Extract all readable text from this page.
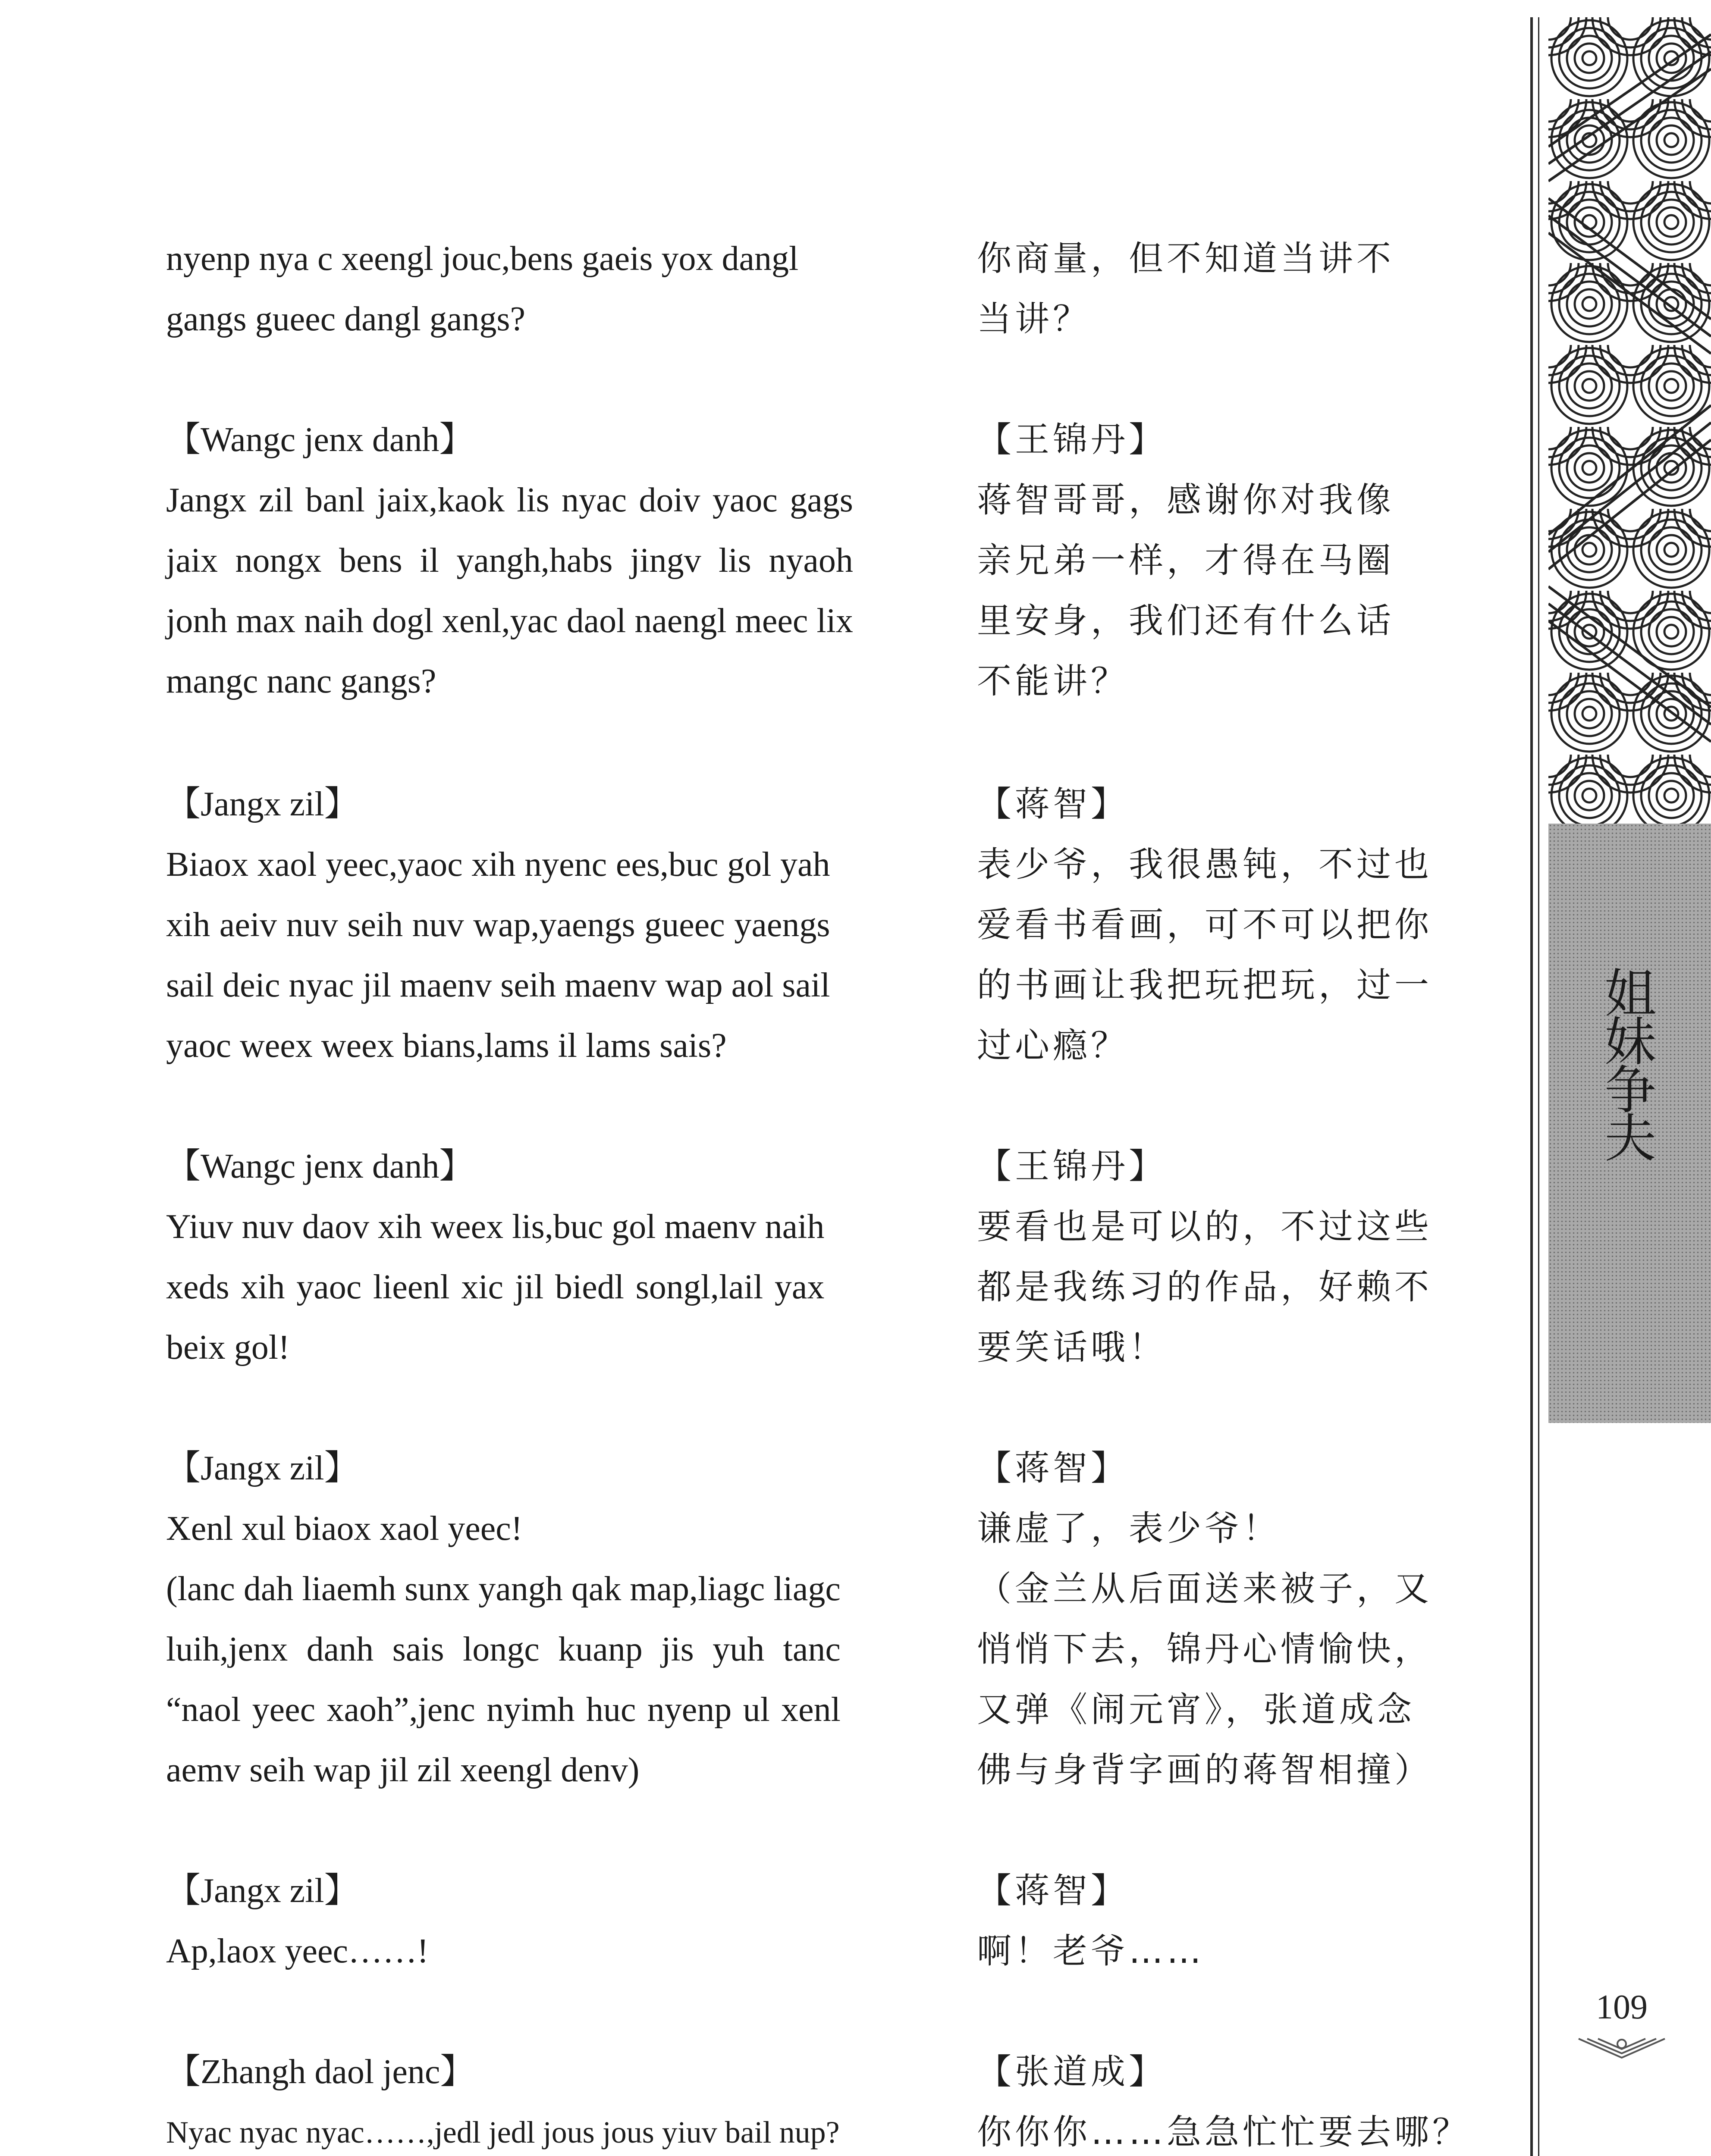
nyenp nya c xeengl jouc,bens gaeis yox dangl
gangs gueec dangl gangs?
【Wangc jenx danh】
Jangx zil banl jaix,kaok lis nyac doiv yaoc gags
jaix nongx bens il yangh,habs jingv lis nyaoh
jonh max naih dogl xenl,yac daol naengl meec lix
mangc nanc gangs?
【Jangx zil】
Biaox xaol yeec,yaoc xih nyenc ees,buc gol yah
xih aeiv nuv seih nuv wap,yaengs gueec yaengs
sail deic nyac jil maenv seih maenv wap aol sail
yaoc weex weex bians,lams il lams sais?
【Wangc jenx danh】
Yiuv nuv daov xih weex lis,buc gol maenv naih
xeds xih yaoc lieenl xic jil biedl songl,lail yax
beix gol!
【Jangx zil】
Xenl xul biaox xaol yeec!
(lanc dah liaemh sunx yangh qak map,liagc liagc
luih,jenx danh sais longc kuanp jis yuh tanc
“naol yeec xaoh”,jenc nyimh huc nyenp ul xenl
aemv seih wap jil zil xeengl denv)
【Jangx zil】
Ap,laox yeec……!
【Zhangh daol jenc】
Nyac nyac nyac……,jedl jedl jous jous yiuv bail nup?
你商量，但不知道当讲不
当讲？
【王锦丹】
蒋智哥哥，感谢你对我像
亲兄弟一样，才得在马圈
里安身，我们还有什么话
不能讲？
【蒋智】
表少爷，我很愚钝，不过也
爱看书看画，可不可以把你
的书画让我把玩把玩，过一
过心瘾？
【王锦丹】
要看也是可以的，不过这些
都是我练习的作品，好赖不
要笑话哦！
【蒋智】
谦虚了，表少爷！
（金兰从后面送来被子，又
悄悄下去，锦丹心情愉快，
又弹《闹元宵》，张道成念
佛与身背字画的蒋智相撞）
【蒋智】
啊！老爷……
【张道成】
你你你……急急忙忙要去哪？
姐
妹
争
夫
109
